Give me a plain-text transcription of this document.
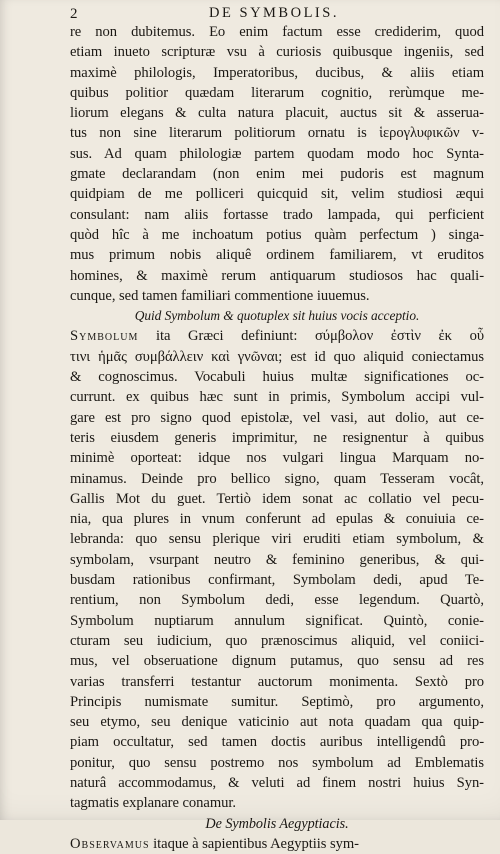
2	DE SYMBOLIS.
re non dubitemus. Eo enim factum esse crediderim, quod
etiam inueto scripturæ vsu à curiosis quibusque ingeniis, sed
maximè philologis, Imperatoribus, ducibus, & aliis etiam
quibus politior quædam literarum cognitio, rerùmque me-
liorum elegans & culta natura placuit, auctus sit & asserua-
tus non sine literarum politiorum ornatu is ἱερογλυφικῶν v-
sus. Ad quam philologiæ partem quodam modo hoc Synta-
gmate declarandam (non enim mei pudoris est magnum
quidpiam de me polliceri quicquid sit, velim studiosi æqui
consulant: nam aliis fortasse trado lampada, qui perficient
quòd hîc à me inchoatum potius quàm perfectum ) singa-
mus primum nobis aliquê ordinem familiarem, vt eruditos
homines, & maximè rerum antiquarum studiosos hac quali-
cunque, sed tamen familiari commentione iuuemus.
Quid Symbolum & quotuplex sit huius vocis acceptio.
Symbolum ita Græci definiunt: σύμβολον ἐστὶν ἐκ οὗ
τινι ἡμᾶς συμβάλλειν καὶ γνῶναι; est id quo aliquid coniectamus
& cognoscimus. Vocabuli huius multæ significationes oc-
currunt. ex quibus hæc sunt in primis, Symbolum accipi vul-
gare est pro signo quod epistolæ, vel vasi, aut dolio, aut ce-
teris eiusdem generis imprimitur, ne resignentur à quibus
minimè oporteat: idque nos vulgari lingua Marquam no-
minamus. Deinde pro bellico signo, quam Tesseram vocât,
Gallis Mot du guet. Tertiò idem sonat ac collatio vel pecu-
nia, qua plures in vnum conferunt ad epulas & conuiuia ce-
lebranda: quo sensu plerique viri eruditi etiam symbolum, &
symbolam, vsurpant neutro & feminino generibus, & qui-
busdam rationibus confirmant, Symbolam dedi, apud Te-
rentium, non Symbolum dedi, esse legendum. Quartò,
Symbolum nuptiarum annulum significat. Quintò, conie-
cturam seu iudicium, quo prænoscimus aliquid, vel coniici-
mus, vel obseruatione dignum putamus, quo sensu ad res
varias transferri testantur auctorum monimenta. Sextò pro
Principis numismate sumitur. Septimò, pro argumento,
seu etymo, seu denique vaticinio aut nota quadam qua quip-
piam occultatur, sed tamen doctis auribus intelligendû pro-
ponitur, quo sensu postremo nos symbolum ad Emblematis
naturâ accommodamus, & veluti ad finem nostri huius Syn-
tagmatis explanare conamur.
De Symbolis Aegyptiacis.
Observamus itaque à sapientibus Aegyptiis sym-
